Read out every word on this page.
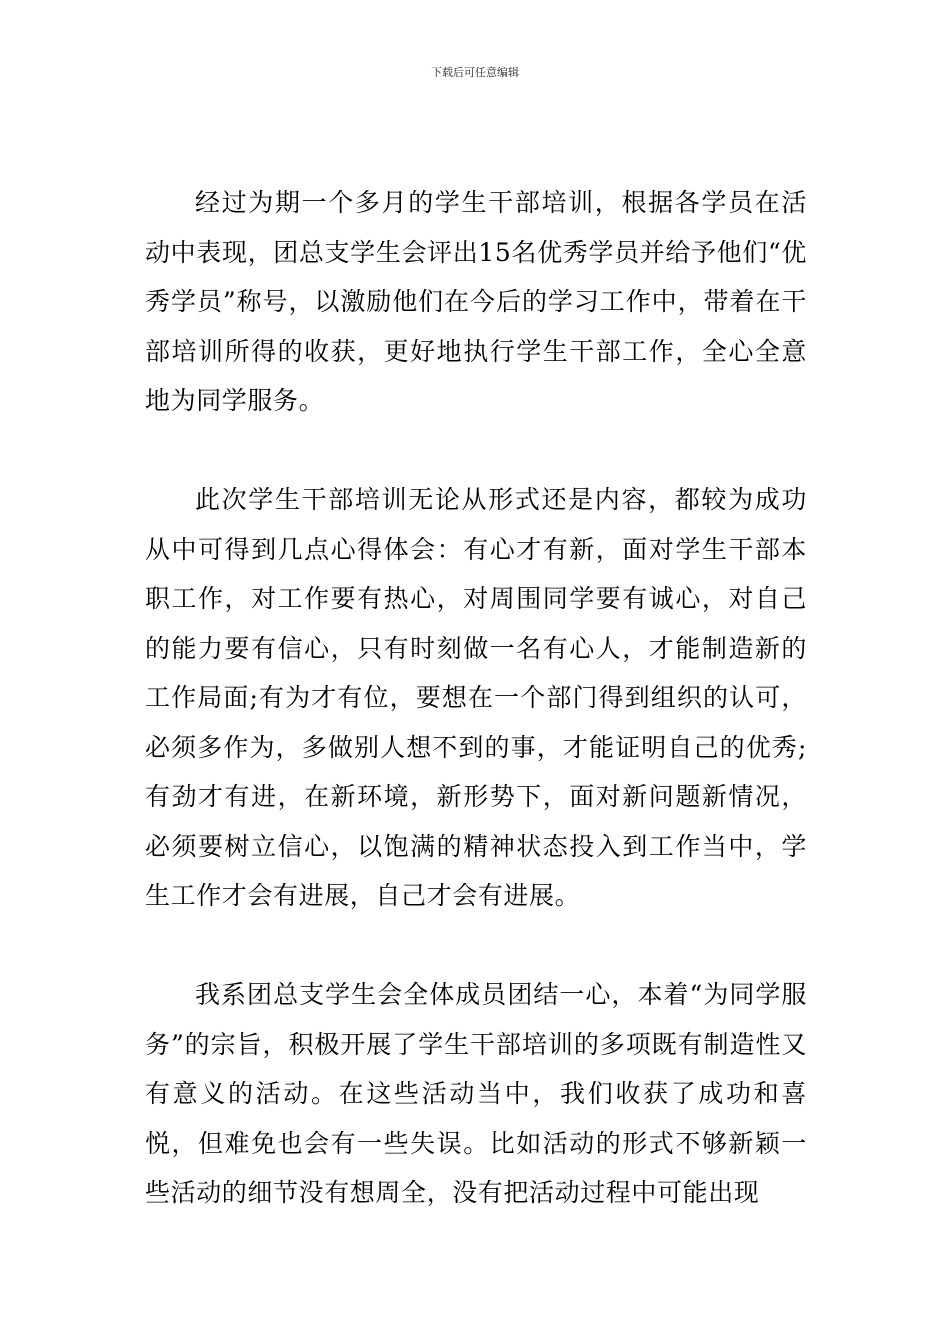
下载后可任意编辑

经过为期一个多月的学生干部培训，根据各学员在活动中表现，团总支学生会评出15名优秀学员并给予他们“优秀学员”称号，以激励他们在今后的学习工作中，带着在干部培训所得的收获，更好地执行学生干部工作，全心全意地为同学服务。

此次学生干部培训无论从形式还是内容，都较为成功从中可得到几点心得体会：有心才有新，面对学生干部本职工作，对工作要有热心，对周围同学要有诚心，对自己的能力要有信心，只有时刻做一名有心人，才能制造新的工作局面;有为才有位，要想在一个部门得到组织的认可，必须多作为，多做别人想不到的事，才能证明自己的优秀;有劲才有进，在新环境，新形势下，面对新问题新情况，必须要树立信心，以饱满的精神状态投入到工作当中，学生工作才会有进展，自己才会有进展。

我系团总支学生会全体成员团结一心，本着“为同学服务”的宗旨，积极开展了学生干部培训的多项既有制造性又有意义的活动。在这些活动当中，我们收获了成功和喜悦，但难免也会有一些失误。比如活动的形式不够新颖一些活动的细节没有想周全，没有把活动过程中可能出现
